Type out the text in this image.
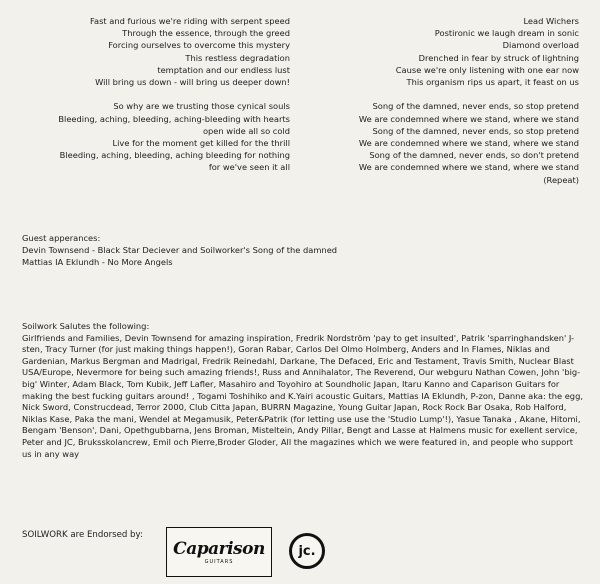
Fast and furious we're riding with serpent speed
Through the essence, through the greed
Forcing ourselves to overcome this mystery
This restless degradation
temptation and our endless lust
Will bring us down - will bring us deeper down!
So why are we trusting those cynical souls
Bleeding, aching, bleeding, aching-bleeding with hearts
open wide all so cold
Live for the moment get killed for the thrill
Bleeding, aching, bleeding, aching bleeding for nothing
for we've seen it all
Lead Wichers
Postironic we laugh dream in sonic
Diamond overload
Drenched in fear by struck of lightning
Cause we're only listening with one ear now
This organism rips us apart, it feast on us
Song of the damned, never ends, so stop pretend
We are condemned where we stand, where we stand
Song of the damned, never ends, so stop pretend
We are condemned where we stand, where we stand
Song of the damned, never ends, so don't pretend
We are condemned where we stand, where we stand
(Repeat)
Guest apperances:
Devin Townsend - Black Star Deciever and Soilworker's Song of the damned
Mattias IA Eklundh - No More Angels

Soilwork Salutes the following:

Girlfriends and Families, Devin Townsend for amazing inspiration, Fredrik Nordström 'pay to get insulted', Patrik 'sparringhandsken' J-sten, Tracy Turner (for just making things happen!), Goran Rabar, Carlos Del Olmo Holmberg, Anders and In Flames, Niklas and Gardenian, Markus Bergman and Madrigal, Fredrik Reinedahl, Darkane, The Defaced, Eric and Testament, Travis Smith, Nuclear Blast USA/Europe, Nevermore for being such amazing friends!, Russ and Annihalator, The Reverend, Our webguru Nathan Cowen, John 'big-big' Winter, Adam Black, Tom Kubik, Jeff Lafler, Masahiro and Toyohiro at Soundholic Japan, Itaru Kanno and Caparison Guitars for making the best fucking guitars around! , Togami Toshihiko and K.Yairi acoustic Guitars, Mattias IA Eklundh, P-zon, Danne aka: the egg, Nick Sword, Construcdead, Terror 2000, Club Citta Japan, BURRN Magazine, Young Guitar Japan, Rock Rock Bar Osaka, Rob Halford, Niklas Kase, Paka the mani, Wendel at Megamusik, Peter&Patrik (for letting use use the 'Studio Lump'!), Yasue Tanaka , Akane, Hitomi, Bengam 'Benson', Dani, Opethgubbarna, Jens Broman, Misteltein, Andy Pillar, Bengt and Lasse at Halmens music for exellent service, Peter and JC, Bruksskolancrew, Emil och Pierre,Broder Gloder, All the magazines which we were featured in, and people who support us in any way

SOILWORK are Endorsed by:
Caparison
GUITARS
jc.
